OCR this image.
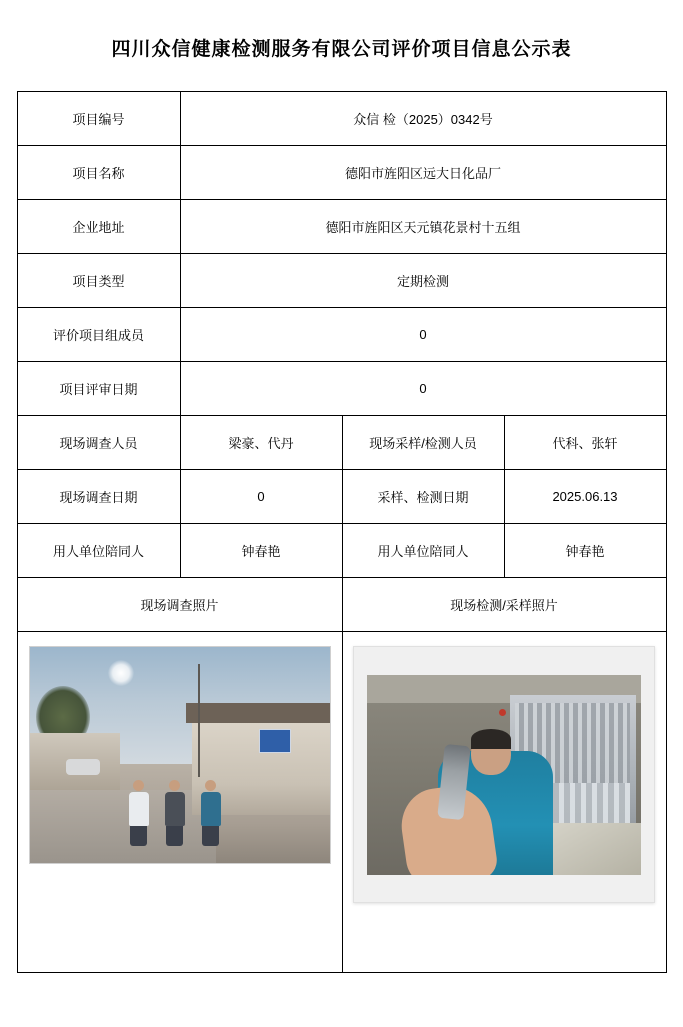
四川众信健康检测服务有限公司评价项目信息公示表
项目编号	众信 检（2025）0342号		
项目名称	德阳市旌阳区远大日化品厂		
企业地址	德阳市旌阳区天元镇花景村十五组		
项目类型	定期检测		
评价项目组成员	0		
项目评审日期	0		
现场调查人员	梁豪、代丹	现场采样/检测人员	代科、张轩
现场调查日期	0	采样、检测日期	2025.06.13
用人单位陪同人	钟春艳	用人单位陪同人	钟春艳
现场调查照片		现场检测/采样照片	
